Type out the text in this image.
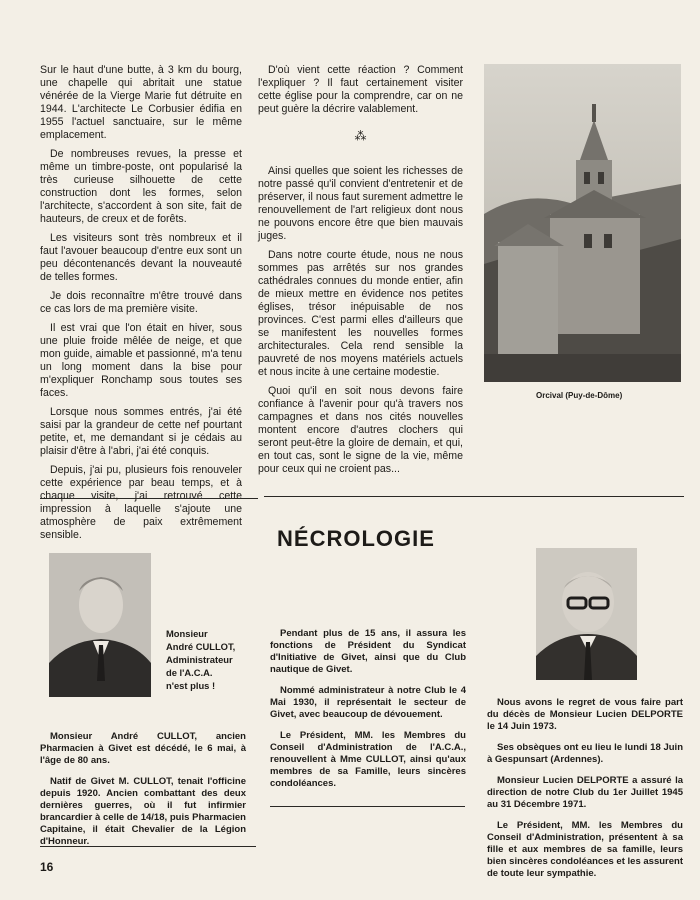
Sur le haut d'une butte, à 3 km du bourg, une chapelle qui abritait une statue vénérée de la Vierge Marie fut détruite en 1944. L'architecte Le Corbusier édifia en 1955 l'actuel sanctuaire, sur le même emplacement.

De nombreuses revues, la presse et même un timbre-poste, ont popularisé la très curieuse silhouette de cette construction dont les formes, selon l'architecte, s'accordent à son site, fait de hauteurs, de creux et de forêts.

Les visiteurs sont très nombreux et il faut l'avouer beaucoup d'entre eux sont un peu décontenancés devant la nouveauté de telles formes.

Je dois reconnaître m'être trouvé dans ce cas lors de ma première visite.

Il est vrai que l'on était en hiver, sous une pluie froide mêlée de neige, et que mon guide, aimable et passionné, m'a tenu un long moment dans la bise pour m'expliquer Ronchamp sous toutes ses faces.

Lorsque nous sommes entrés, j'ai été saisi par la grandeur de cette nef pourtant petite, et, me demandant si je cédais au plaisir d'être à l'abri, j'ai été conquis.

Depuis, j'ai pu, plusieurs fois renouveler cette expérience par beau temps, et à chaque visite, j'ai retrouvé cette impression à laquelle s'ajoute une atmosphère de paix extrêmement sensible.

D'où vient cette réaction ? Comment l'expliquer ? Il faut certainement visiter cette église pour la comprendre, car on ne peut guère la décrire valablement.

⁂

Ainsi quelles que soient les richesses de notre passé qu'il convient d'entretenir et de préserver, il nous faut surement admettre le renouvellement de l'art religieux dont nous ne pouvons encore être que bien mauvais juges.

Dans notre courte étude, nous ne nous sommes pas arrêtés sur nos grandes cathédrales connues du monde entier, afin de mieux mettre en évidence nos petites églises, trésor inépuisable de nos provinces. C'est parmi elles d'ailleurs que se manifestent les nouvelles formes architecturales. Cela rend sensible la pauvreté de nos moyens matériels actuels et nous incite à une certaine modestie.

Quoi qu'il en soit nous devons faire confiance à l'avenir pour qu'à travers nos campagnes et dans nos cités nouvelles montent encore d'autres clochers qui seront peut-être la gloire de demain, et qui, en tout cas, sont le signe de la vie, même pour ceux qui ne croient pas...

Orcival (Puy-de-Dôme)
NÉCROLOGIE
Monsieur
André CULLOT,
Administrateur
de l'A.C.A.
n'est plus !

Monsieur André CULLOT, ancien Pharmacien à Givet est décédé, le 6 mai, à l'âge de 80 ans.

Natif de Givet M. CULLOT, tenait l'officine depuis 1920. Ancien combattant des deux dernières guerres, où il fut infirmier brancardier à celle de 14/18, puis Pharmacien Capitaine, il était Chevalier de la Légion d'Honneur.

Pendant plus de 15 ans, il assura les fonctions de Président du Syndicat d'Initiative de Givet, ainsi que du Club nautique de Givet.

Nommé administrateur à notre Club le 4 Mai 1930, il représentait le secteur de Givet, avec beaucoup de dévouement.

Le Président, MM. les Membres du Conseil d'Administration de l'A.C.A., renouvellent à Mme CULLOT, ainsi qu'aux membres de sa Famille, leurs sincères condoléances.

Nous avons le regret de vous faire part du décès de Monsieur Lucien DELPORTE le 14 Juin 1973.

Ses obsèques ont eu lieu le lundi 18 Juin à Gespunsart (Ardennes).

Monsieur Lucien DELPORTE a assuré la direction de notre Club du 1er Juillet 1945 au 31 Décembre 1971.

Le Président, MM. les Membres du Conseil d'Administration, présentent à sa fille et aux membres de sa famille, leurs bien sincères condoléances et les assurent de toute leur sympathie.

16
